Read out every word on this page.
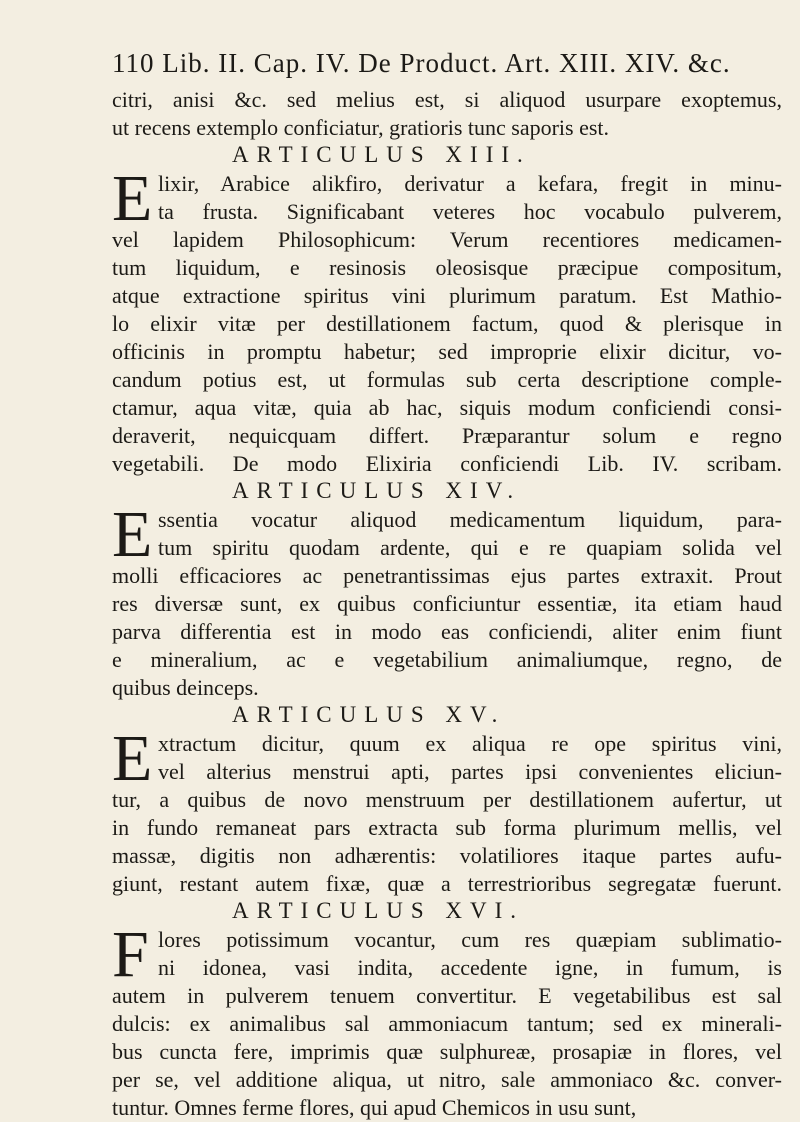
110 Lib. II. Cap. IV. De Product. Art. XIII. XIV. &c.
citri, anisi &c. sed melius est, si aliquod usurpare exoptemus,
ut recens extemplo conficiatur, gratioris tunc saporis est.
ARTICULUS XIII.
E lixir, Arabice alikfiro, derivatur a kefara, fregit in minu-
ta frusta. Significabant veteres hoc vocabulo pulverem,
vel lapidem Philosophicum: Verum recentiores medicamen-
tum liquidum, e resinosis oleosisque præcipue compositum,
atque extractione spiritus vini plurimum paratum. Est Mathio-
lo elixir vitæ per destillationem factum, quod & plerisque in
officinis in promptu habetur; sed improprie elixir dicitur, vo-
candum potius est, ut formulas sub certa descriptione comple-
ctamur, aqua vitæ, quia ab hac, siquis modum conficiendi consi-
deraverit, nequicquam differt. Præparantur solum e regno
vegetabili. De modo Elixiria conficiendi Lib. IV. scribam.
ARTICULUS XIV.
E ssentia vocatur aliquod medicamentum liquidum, para-
tum spiritu quodam ardente, qui e re quapiam solida vel
molli efficaciores ac penetrantissimas ejus partes extraxit. Prout
res diversæ sunt, ex quibus conficiuntur essentiæ, ita etiam haud
parva differentia est in modo eas conficiendi, aliter enim fiunt
e mineralium, ac e vegetabilium animaliumque, regno, de
quibus deinceps.
ARTICULUS XV.
E xtractum dicitur, quum ex aliqua re ope spiritus vini,
vel alterius menstrui apti, partes ipsi convenientes eliciun-
tur, a quibus de novo menstruum per destillationem aufertur, ut
in fundo remaneat pars extracta sub forma plurimum mellis, vel
massæ, digitis non adhærentis: volatiliores itaque partes aufu-
giunt, restant autem fixæ, quæ a terrestrioribus segregatæ fuerunt.
ARTICULUS XVI.
F lores potissimum vocantur, cum res quæpiam sublimatio-
ni idonea, vasi indita, accedente igne, in fumum, is
autem in pulverem tenuem convertitur. E vegetabilibus est sal
dulcis: ex animalibus sal ammoniacum tantum; sed ex minerali-
bus cuncta fere, imprimis quæ sulphureæ, prosapiæ in flores, vel
per se, vel additione aliqua, ut nitro, sale ammoniaco &c. conver-
tuntur. Omnes ferme flores, qui apud Chemicos in usu sunt,
